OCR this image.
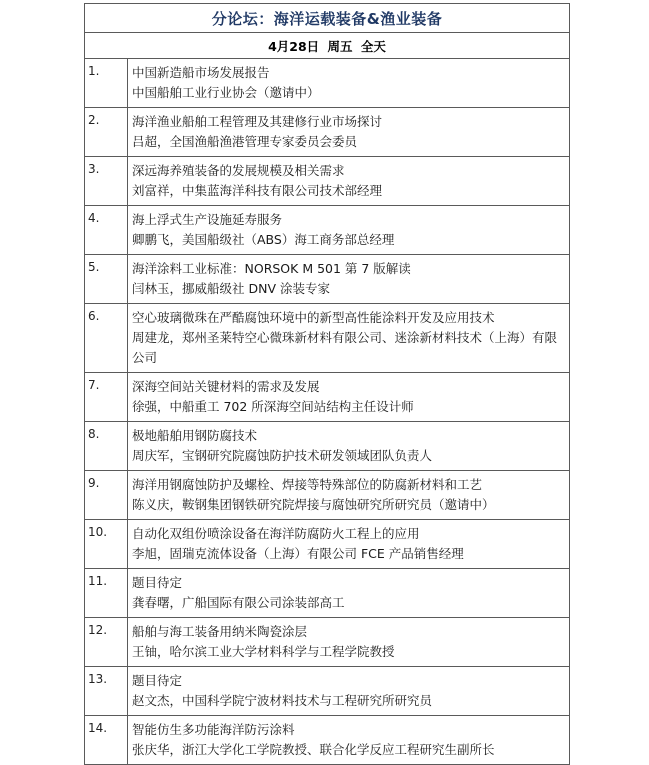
分论坛：海洋运载装备&渔业装备	
4月28日 周五 全天	
1.	中国新造船市场发展报告
中国船舶工业行业协会（邀请中）

2.	海洋渔业船舶工程管理及其建修行业市场探讨
吕超，全国渔船渔港管理专家委员会委员

3.	深远海养殖装备的发展规模及相关需求
刘富祥，中集蓝海洋科技有限公司技术部经理

4.	海上浮式生产设施延寿服务
卿鹏飞，美国船级社（ABS）海工商务部总经理

5.	海洋涂料工业标准：NORSOK M 501 第 7 版解读
闫林玉，挪威船级社 DNV 涂装专家

6.	空心玻璃微珠在严酷腐蚀环境中的新型高性能涂料开发及应用技术
周建龙，郑州圣莱特空心微珠新材料有限公司、迷涂新材料技术（上海）有限公司

7.	深海空间站关键材料的需求及发展
徐强，中船重工 702 所深海空间站结构主任设计师

8.	极地船舶用钢防腐技术
周庆军，宝钢研究院腐蚀防护技术研发领域团队负责人

9.	海洋用钢腐蚀防护及螺栓、焊接等特殊部位的防腐新材料和工艺
陈义庆，鞍钢集团钢铁研究院焊接与腐蚀研究所研究员（邀请中）

10.	自动化双组份喷涂设备在海洋防腐防火工程上的应用
李旭，固瑞克流体设备（上海）有限公司 FCE 产品销售经理

11.	题目待定
龚春曙，广船国际有限公司涂装部高工

12.	船舶与海工装备用纳米陶瓷涂层
王铀，哈尔滨工业大学材料科学与工程学院教授

13.	题目待定
赵文杰，中国科学院宁波材料技术与工程研究所研究员

14.	智能仿生多功能海洋防污涂料
张庆华，浙江大学化工学院教授、联合化学反应工程研究生副所长
